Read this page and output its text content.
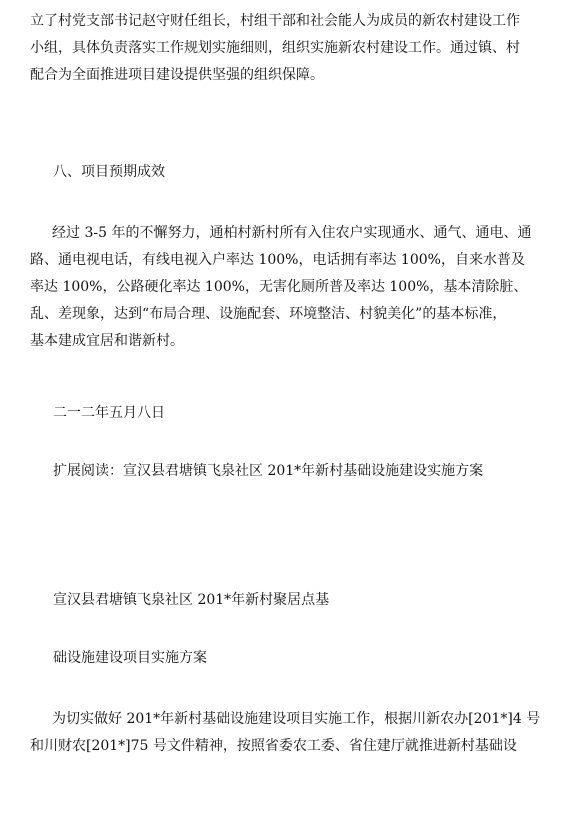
立了村党支部书记赵守财任组长，村组干部和社会能人为成员的新农村建设工作
小组，具体负责落实工作规划实施细则，组织实施新农村建设工作。通过镇、村
配合为全面推进项目建设提供坚强的组织保障。

八、项目预期成效

经过 3-5 年的不懈努力，通柏村新村所有入住农户实现通水、通气、通电、通
路、通电视电话，有线电视入户率达 100%，电话拥有率达 100%，自来水普及
率达 100%，公路硬化率达 100%，无害化厕所普及率达 100%，基本清除脏、
乱、差现象，达到“布局合理、设施配套、环境整洁、村貌美化”的基本标准，
基本建成宜居和谐新村。

二一二年五月八日

扩展阅读：宣汉县君塘镇飞泉社区 201*年新村基础设施建设实施方案

宣汉县君塘镇飞泉社区 201*年新村聚居点基

础设施建设项目实施方案

为切实做好 201*年新村基础设施建设项目实施工作，根据川新农办[201*]4 号
和川财农[201*]75 号文件精神，按照省委农工委、省住建厅就推进新村基础设
